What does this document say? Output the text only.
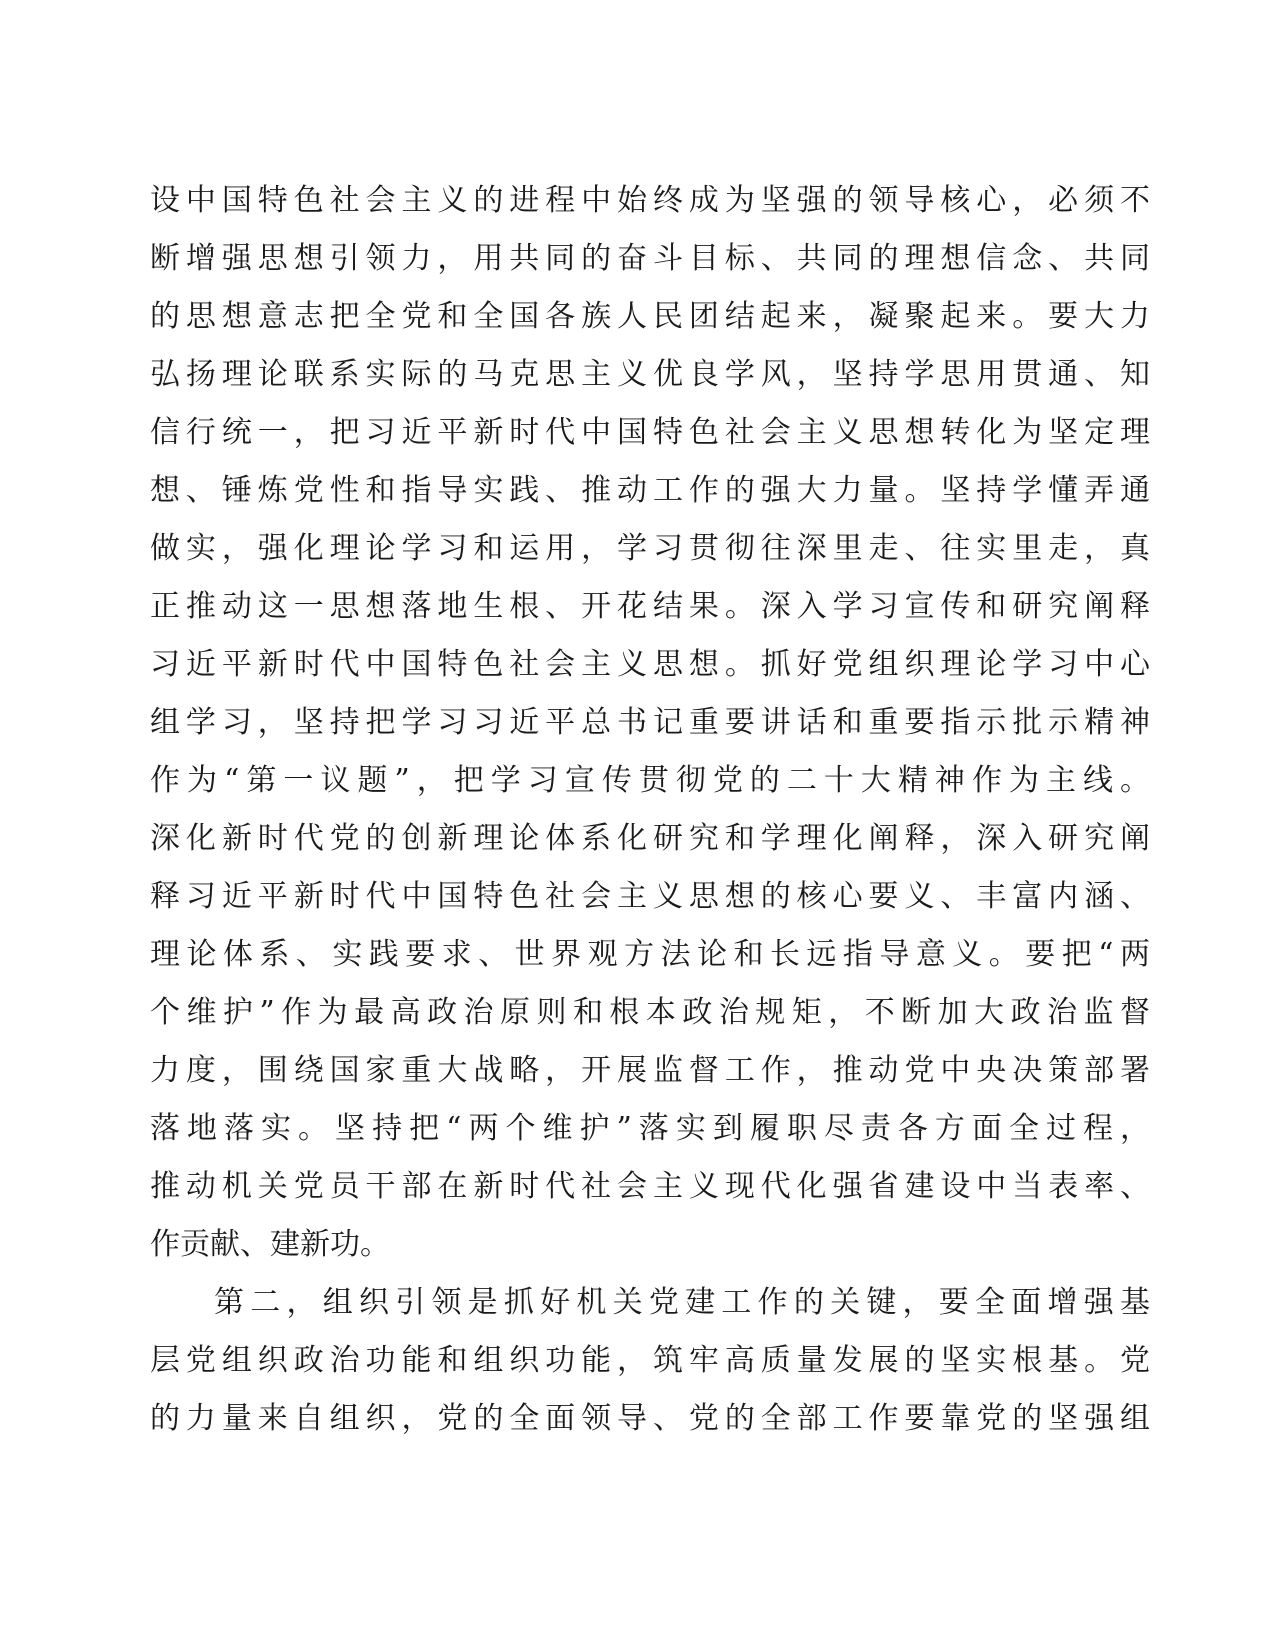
设中国特色社会主义的进程中始终成为坚强的领导核心，必须不
断增强思想引领力，用共同的奋斗目标、共同的理想信念、共同
的思想意志把全党和全国各族人民团结起来，凝聚起来。要大力
弘扬理论联系实际的马克思主义优良学风，坚持学思用贯通、知
信行统一，把习近平新时代中国特色社会主义思想转化为坚定理
想、锤炼党性和指导实践、推动工作的强大力量。坚持学懂弄通
做实，强化理论学习和运用，学习贯彻往深里走、往实里走，真
正推动这一思想落地生根、开花结果。深入学习宣传和研究阐释
习近平新时代中国特色社会主义思想。抓好党组织理论学习中心
组学习，坚持把学习习近平总书记重要讲话和重要指示批示精神
作为“第一议题”，把学习宣传贯彻党的二十大精神作为主线。
深化新时代党的创新理论体系化研究和学理化阐释，深入研究阐
释习近平新时代中国特色社会主义思想的核心要义、丰富内涵、
理论体系、实践要求、世界观方法论和长远指导意义。要把“两
个维护”作为最高政治原则和根本政治规矩，不断加大政治监督
力度，围绕国家重大战略，开展监督工作，推动党中央决策部署
落地落实。坚持把“两个维护”落实到履职尽责各方面全过程，
推动机关党员干部在新时代社会主义现代化强省建设中当表率、
作贡献、建新功。
第二，组织引领是抓好机关党建工作的关键，要全面增强基
层党组织政治功能和组织功能，筑牢高质量发展的坚实根基。党
的力量来自组织，党的全面领导、党的全部工作要靠党的坚强组
